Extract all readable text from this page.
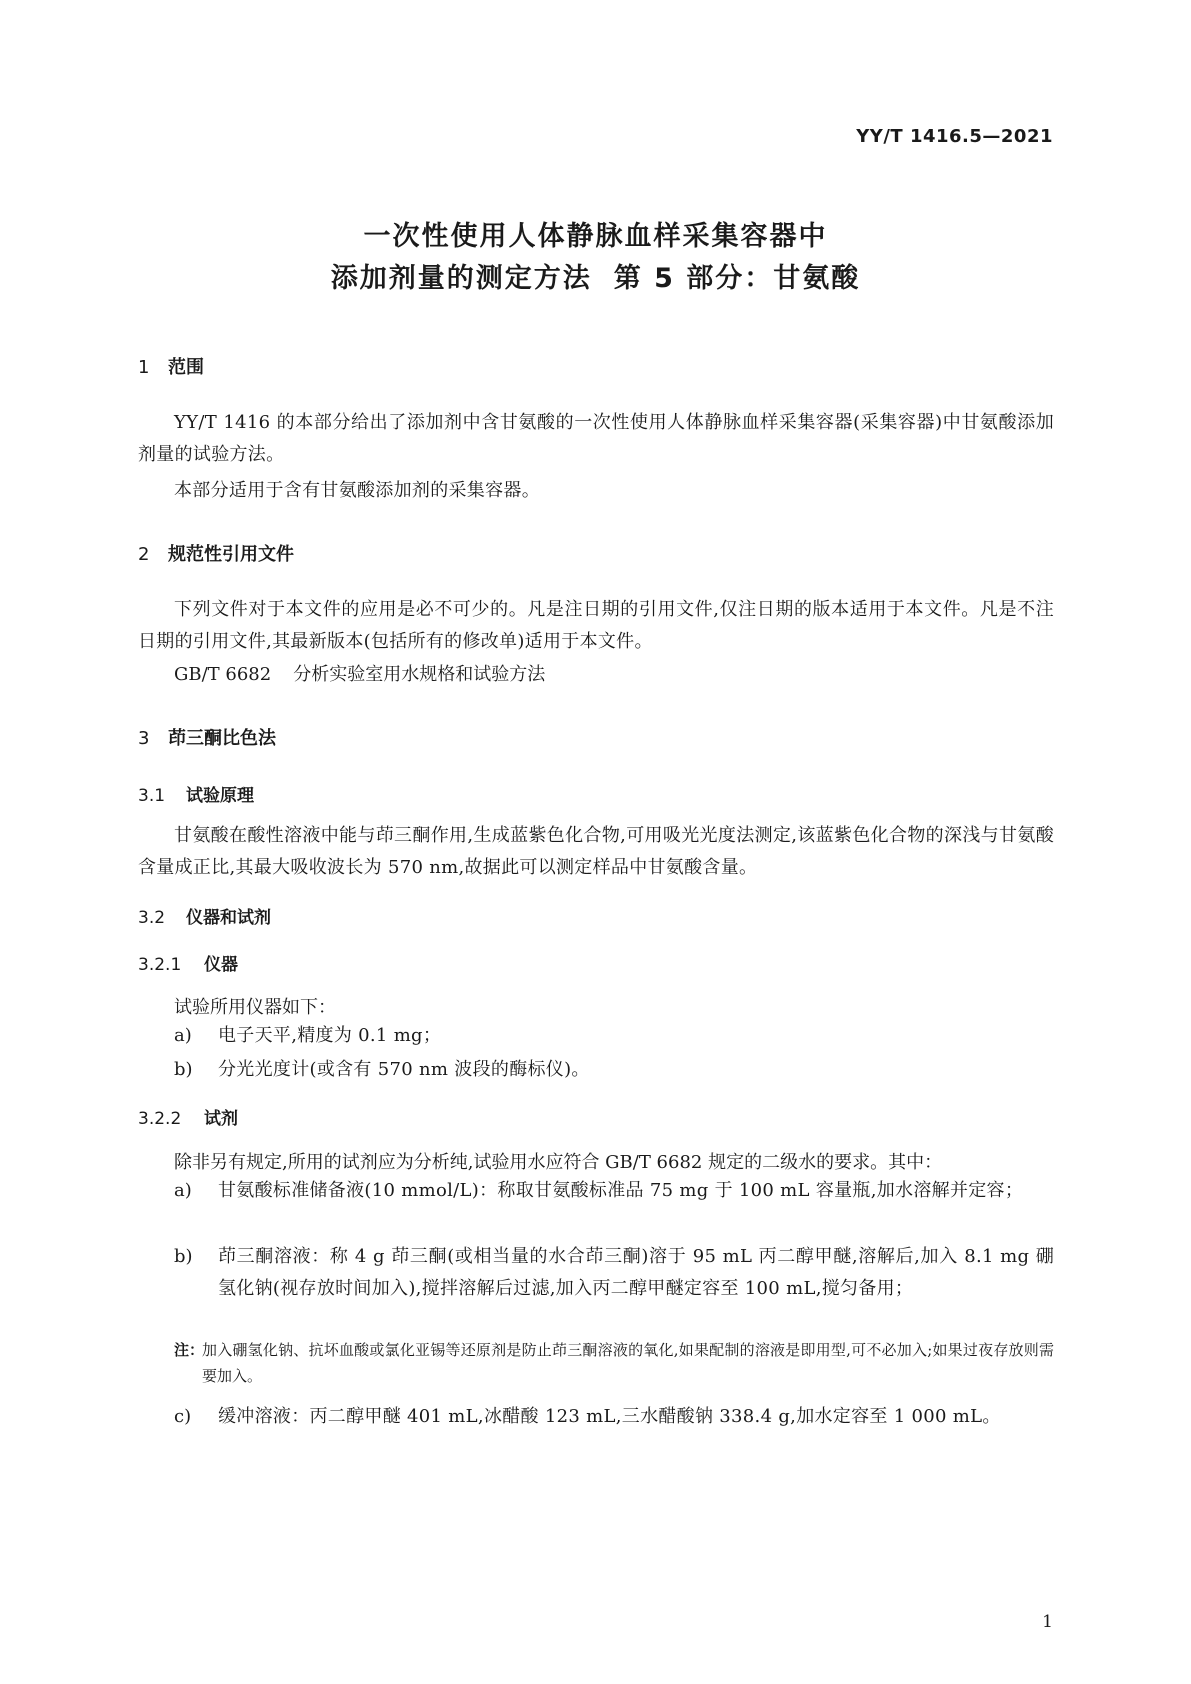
YY/T 1416.5—2021
一次性使用人体静脉血样采集容器中
添加剂量的测定方法 第 5 部分：甘氨酸
1 范围
YY/T 1416 的本部分给出了添加剂中含甘氨酸的一次性使用人体静脉血样采集容器(采集容器)中甘氨酸添加剂量的试验方法。
本部分适用于含有甘氨酸添加剂的采集容器。
2 规范性引用文件
下列文件对于本文件的应用是必不可少的。凡是注日期的引用文件,仅注日期的版本适用于本文件。凡是不注日期的引用文件,其最新版本(包括所有的修改单)适用于本文件。
GB/T 6682 分析实验室用水规格和试验方法
3 茚三酮比色法
3.1 试验原理
甘氨酸在酸性溶液中能与茚三酮作用,生成蓝紫色化合物,可用吸光光度法测定,该蓝紫色化合物的深浅与甘氨酸含量成正比,其最大吸收波长为 570 nm,故据此可以测定样品中甘氨酸含量。
3.2 仪器和试剂
3.2.1 仪器
试验所用仪器如下：
a)	电子天平,精度为 0.1 mg；
b)	分光光度计(或含有 570 nm 波段的酶标仪)。
3.2.2 试剂
除非另有规定,所用的试剂应为分析纯,试验用水应符合 GB/T 6682 规定的二级水的要求。其中：
a)	甘氨酸标准储备液(10 mmol/L)：称取甘氨酸标准品 75 mg 于 100 mL 容量瓶,加水溶解并定容；
b)	茚三酮溶液：称 4 g 茚三酮(或相当量的水合茚三酮)溶于 95 mL 丙二醇甲醚,溶解后,加入 8.1 mg 硼氢化钠(视存放时间加入),搅拌溶解后过滤,加入丙二醇甲醚定容至 100 mL,搅匀备用；
注：
加入硼氢化钠、抗坏血酸或氯化亚锡等还原剂是防止茚三酮溶液的氧化,如果配制的溶液是即用型,可不必加入;如果过夜存放则需要加入。
c)	缓冲溶液：丙二醇甲醚 401 mL,冰醋酸 123 mL,三水醋酸钠 338.4 g,加水定容至 1 000 mL。
1
